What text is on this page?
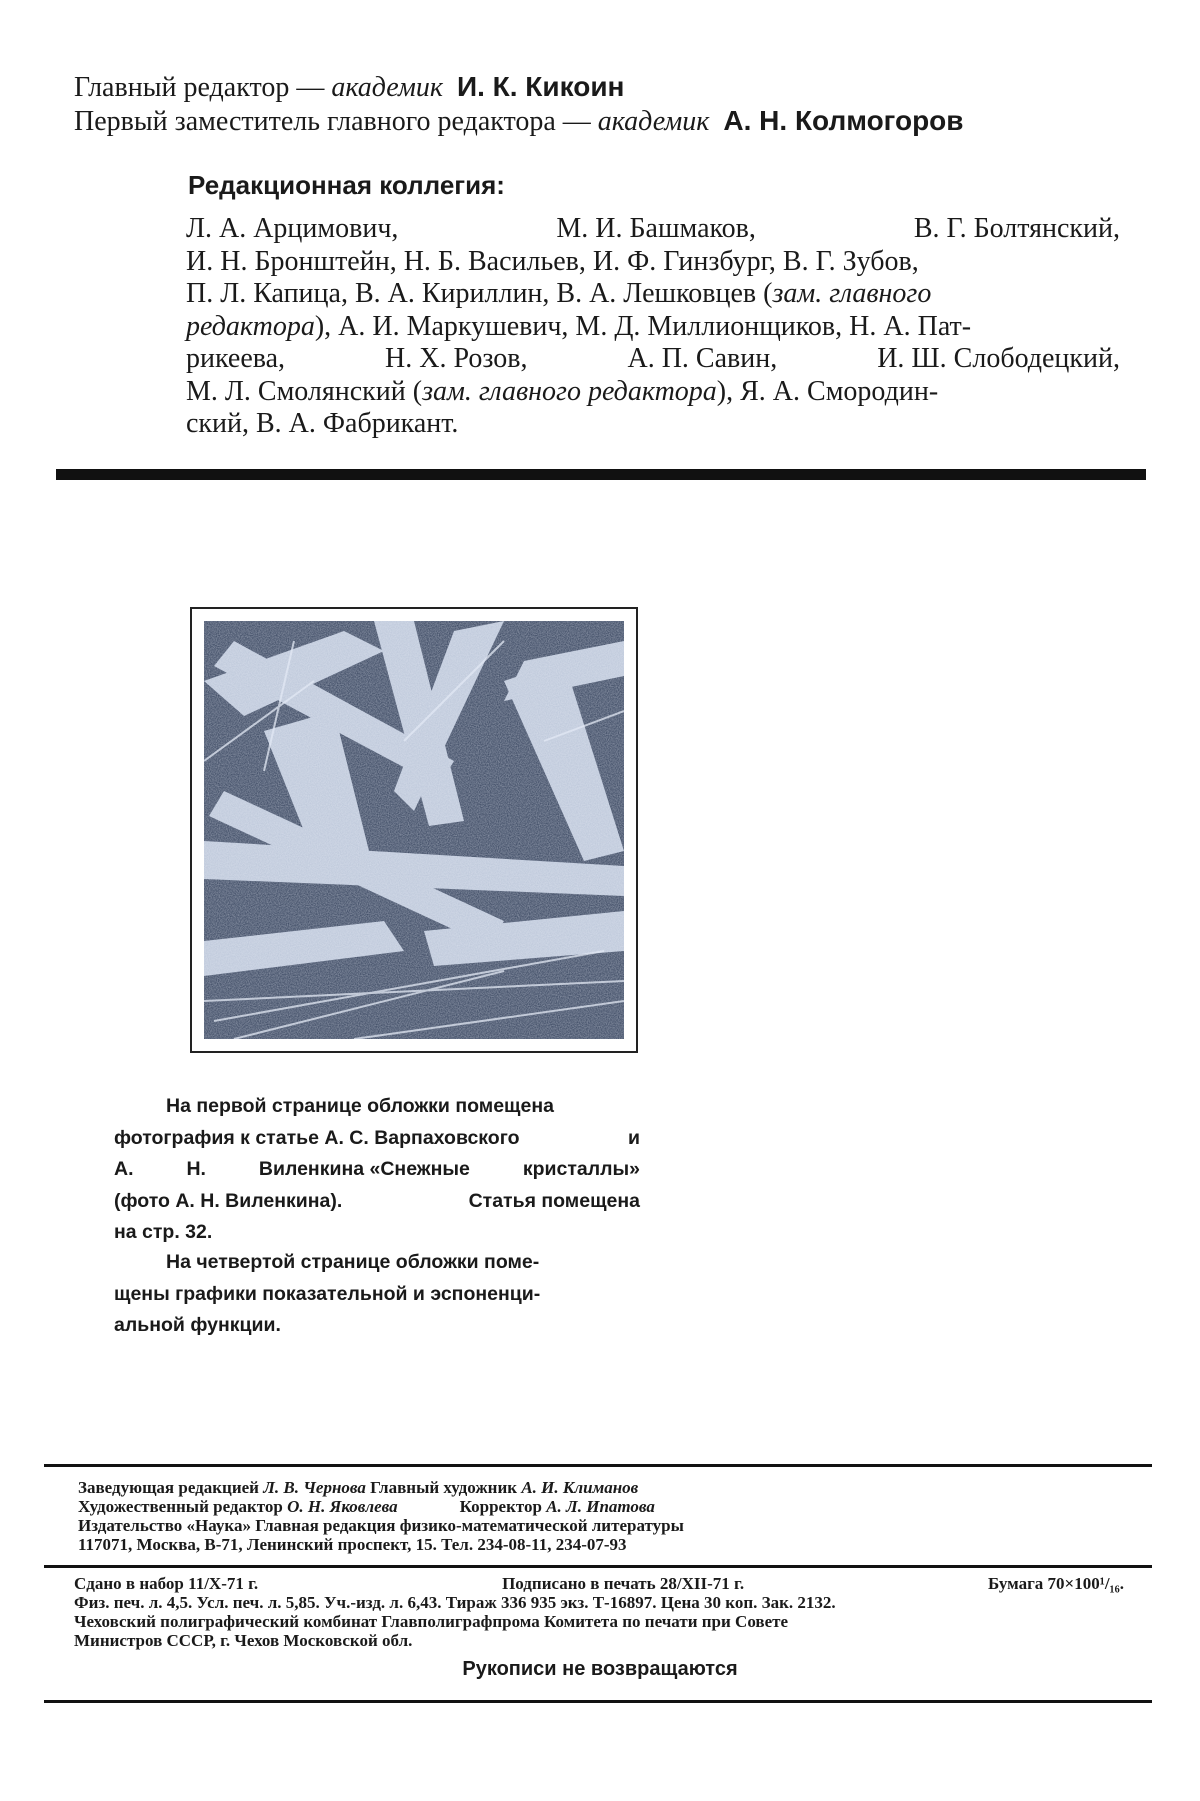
Главный редактор — академик И. К. Кикоин
Первый заместитель главного редактора — академик А. Н. Колмогоров
Редакционная коллегия:
Л. А. Арцимович,	М. И. Башмаков,	В. Г. Болтянский,
И. Н. Бронштейн, Н. Б. Васильев, И. Ф. Гинзбург, В. Г. Зубов,
П. Л. Капица, В. А. Кириллин, В. А. Лешковцев ( зам. главного
редактора ), А. И. Маркушевич, М. Д. Миллионщиков, Н. А. Пат-
рикеева,	Н. Х. Розов,	А. П. Савин,	И. Ш. Слободецкий,
М. Л. Смолянский ( зам. главного редактора ), Я. А. Смородин-
ский, В. А. Фабрикант.
На первой странице обложки помещена
фотография к статье А. С. Варпаховского	и
А.	Н.	Виленкина «Снежные	кристаллы»
(фото А. Н. Виленкина).	Статья помещена
на стр. 32.
На четвертой странице обложки поме-
щены графики показательной и эспоненци-
альной функции.
Заведующая редакцией Л. В. Чернова Главный художник А. И. Климанов
Художественный редактор О. Н. Яковлева	Корректор А. Л. Ипатова
Издательство «Наука» Главная редакция физико-математической литературы
117071, Москва, В-71, Ленинский проспект, 15. Тел. 234-08-11, 234-07-93
Сдано в набор 11/Х-71 г.	Подписано в печать 28/ХII-71 г.	Бумага 70×100¹/₁₆.
Физ. печ. л. 4,5. Усл. печ. л. 5,85. Уч.-изд. л. 6,43. Тираж 336 935 экз. Т-16897. Цена 30 коп. Зак. 2132.
Чеховский полиграфический комбинат Главполиграфпрома Комитета по печати при Совете
Министров СССР, г. Чехов Московской обл.
Рукописи не возвращаются
